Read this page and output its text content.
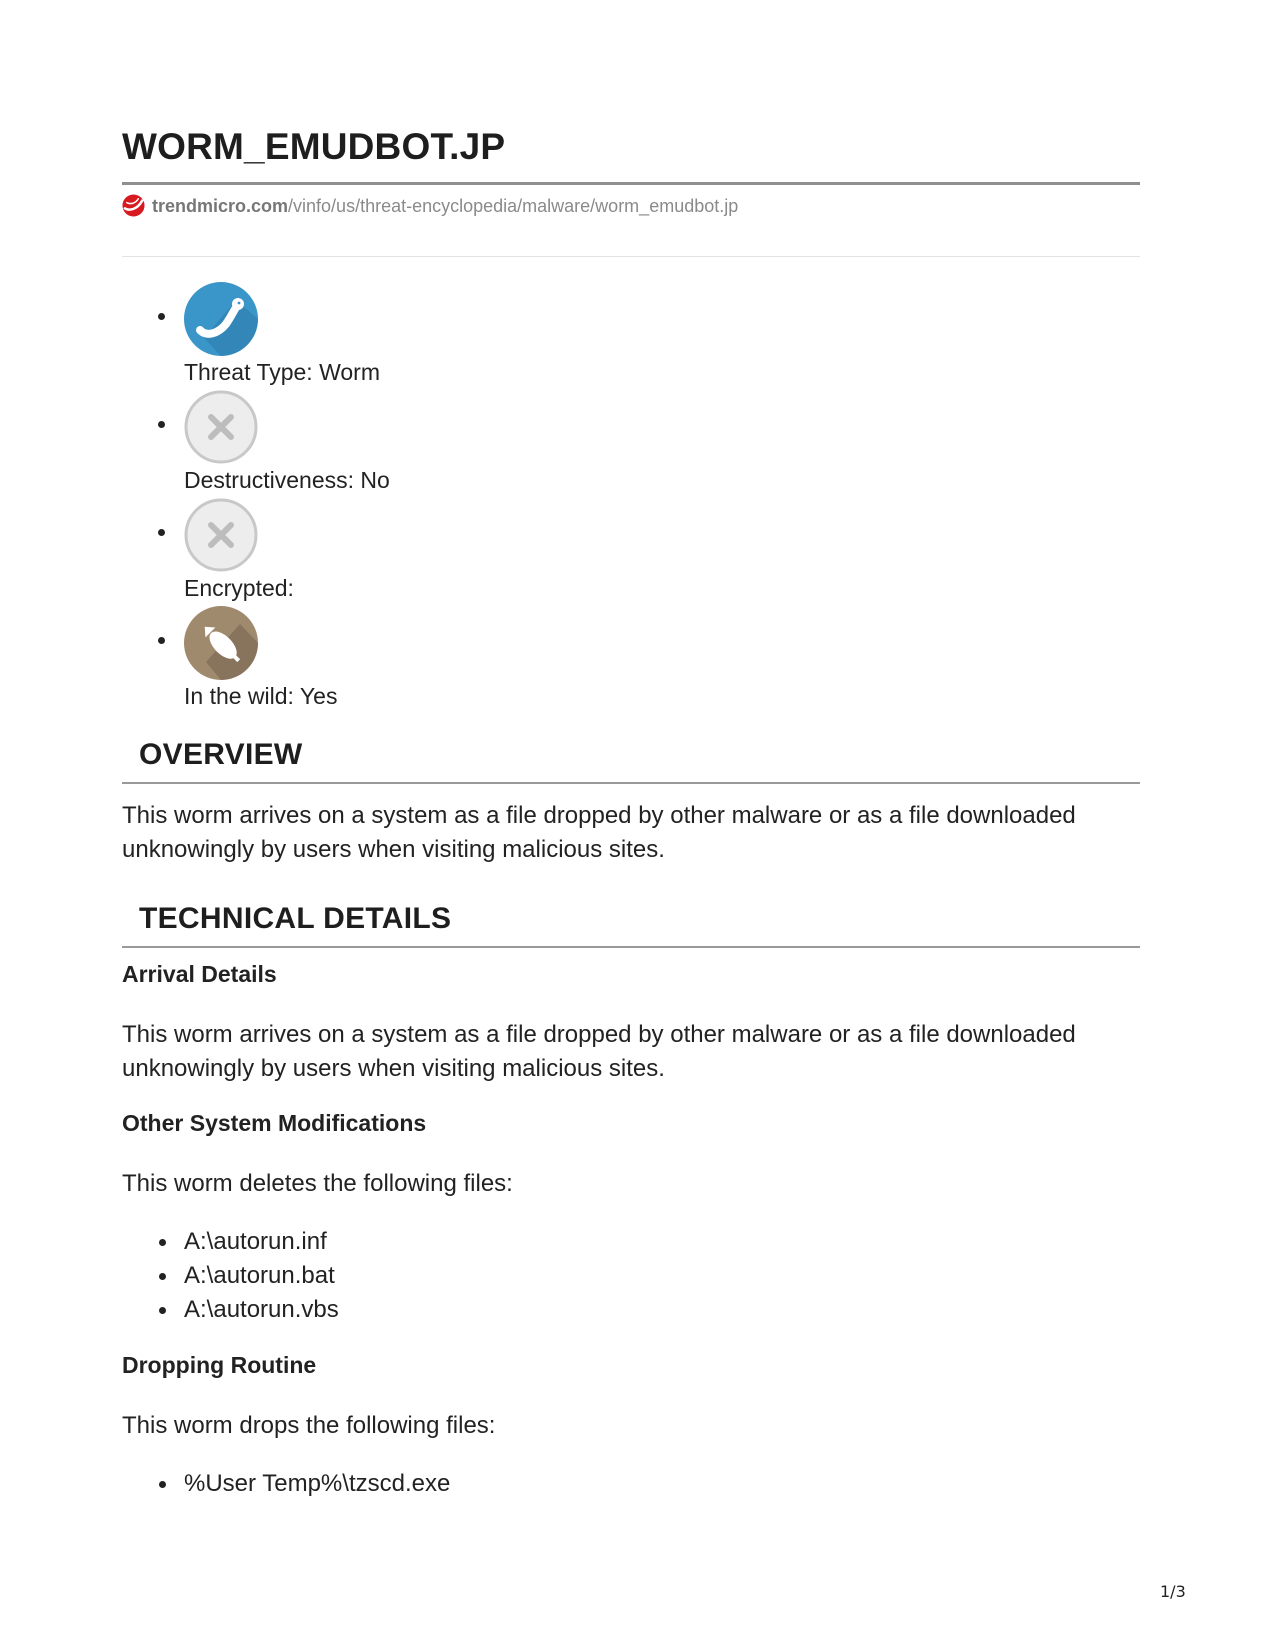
WORM_EMUDBOT.JP
trendmicro.com/vinfo/us/threat-encyclopedia/malware/worm_emudbot.jp
Threat Type: Worm
Destructiveness: No
Encrypted:
In the wild: Yes
OVERVIEW

This worm arrives on a system as a file dropped by other malware or as a file downloaded unknowingly by users when visiting malicious sites.

TECHNICAL DETAILS
Arrival Details

This worm arrives on a system as a file dropped by other malware or as a file downloaded unknowingly by users when visiting malicious sites.

Other System Modifications

This worm deletes the following files:

A:\autorun.inf
A:\autorun.bat
A:\autorun.vbs
Dropping Routine

This worm drops the following files:

%User Temp%\tzscd.exe
1/3
